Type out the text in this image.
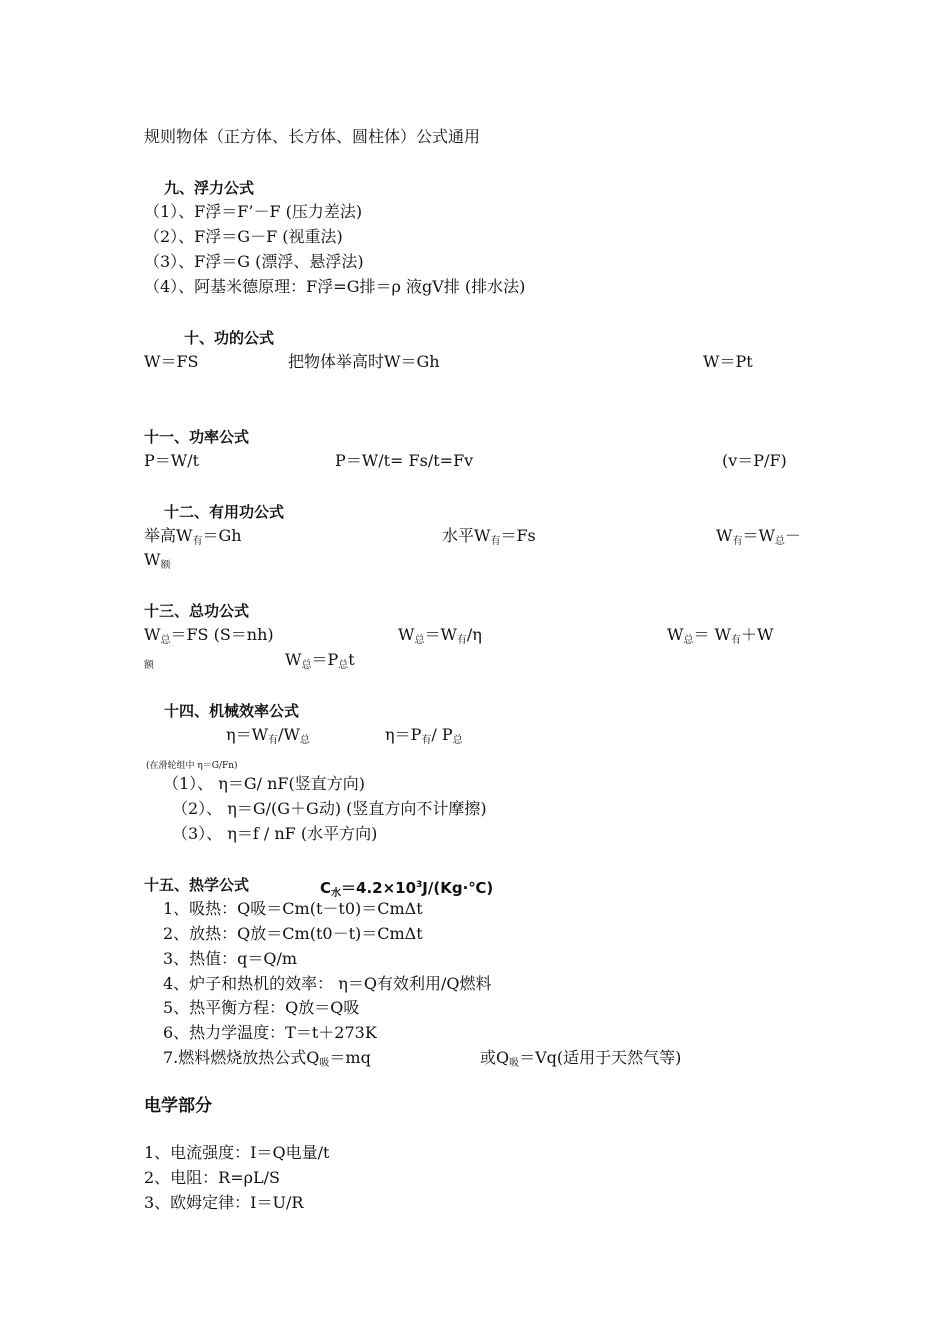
规则物体（正方体、长方体、圆柱体）公式通用
九、浮力公式
（1）、F浮＝F’－F (压力差法)
（2）、F浮＝G－F (视重法)
（3）、F浮＝G (漂浮、悬浮法)
（4）、阿基米德原理：F浮=G排＝ρ 液gV排 (排水法)
十、功的公式
W＝FS	把物体举高时W＝Gh	W＝Pt
十一、功率公式
P＝W/t	P＝W/t= Fs/t=Fv	(v＝P/F)
十二、有用功公式
举高$W_有=Gh$	水平$W_有=Fs$	$W_有=W_总-$
$W_额$
十三、总功公式
$W_总=FS$ (S＝nh)	$W_总=W_有/\eta$	$W_总= W_有+W$
$_额$	$W_总=P_总t$
十四、机械效率公式
$\eta=W_有/W_总$	$\eta=P_有/$ $P_总$
(在滑轮组中 η＝G/Fn)
（1）、 η＝G/ nF(竖直方向)
（2）、 η＝G/(G＋G动) (竖直方向不计摩擦)
（3）、 η＝f / nF (水平方向)
十五、热学公式	$C_水=4.2\times 10^3J/(Kg\cdot℃)$
1、吸热：Q吸＝Cm(t－t0)＝CmΔt
2、放热：Q放＝Cm(t0－t)＝CmΔt
3、热值：q＝Q/m
4、炉子和热机的效率： η＝Q有效利用/Q燃料
5、热平衡方程：Q放＝Q吸
6、热力学温度：T＝t＋273K
7.燃料燃烧放热公式$Q_吸=mq$	或$Q_吸=Vq$(适用于天然气等)
电学部分
1、电流强度：I＝Q电量/t
2、电阻：R=ρL/S
3、欧姆定律：I＝U/R
